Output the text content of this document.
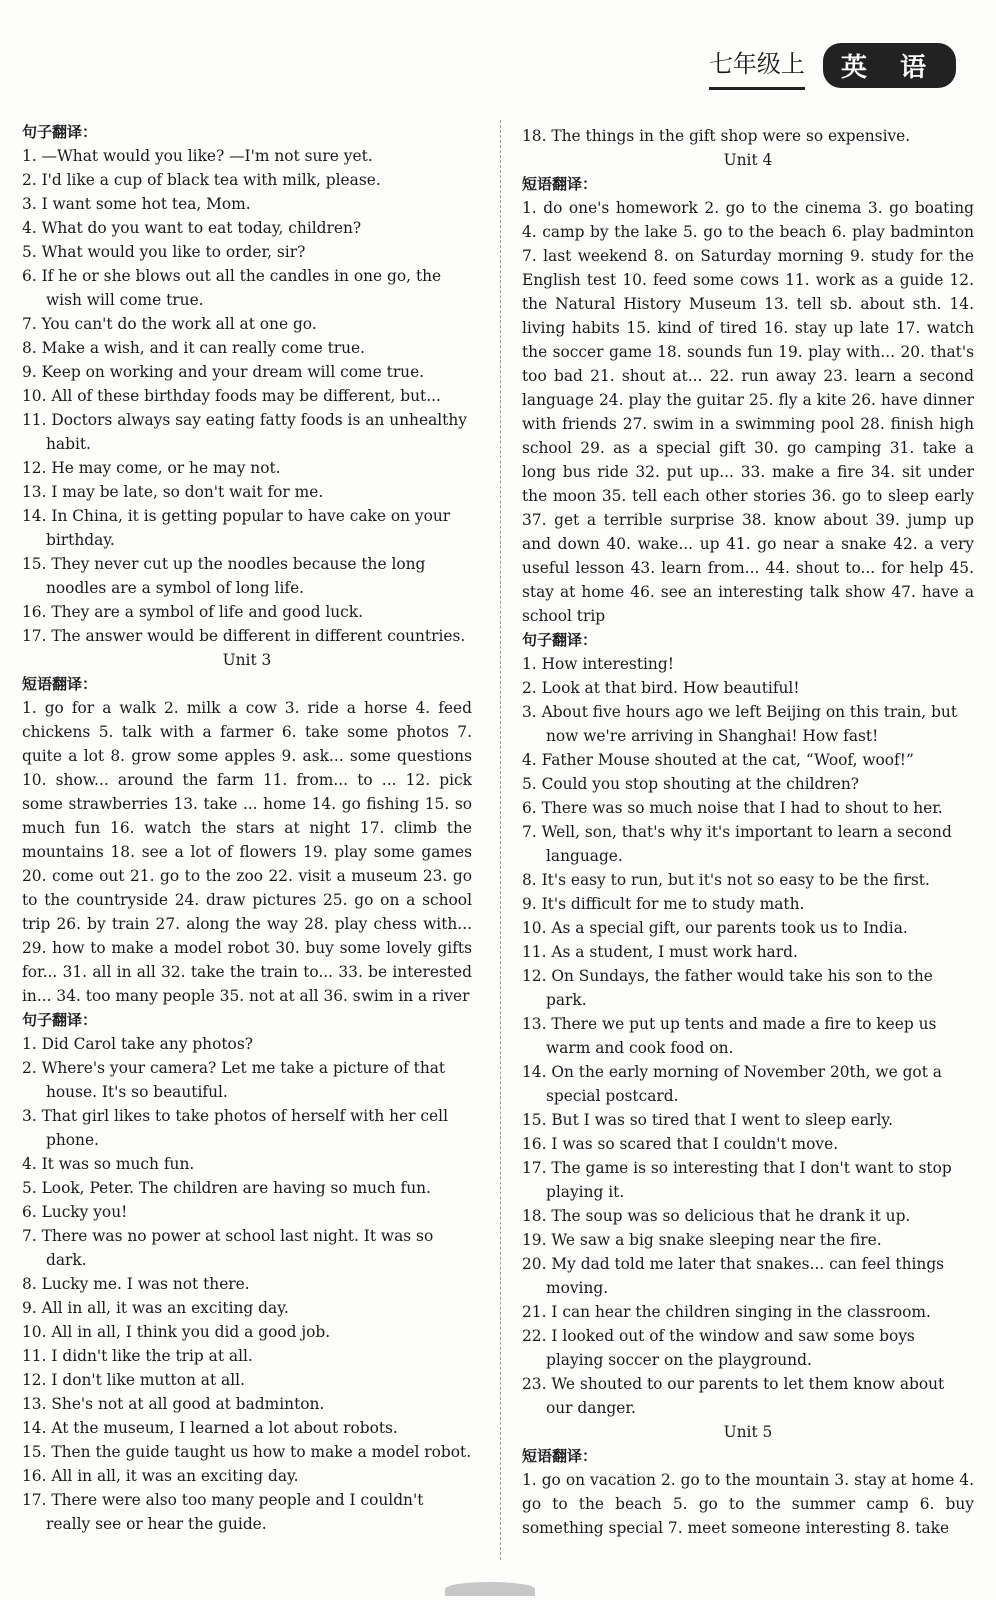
七年级上	英 语
句子翻译：
1. —What would you like? —I'm not sure yet.
2. I'd like a cup of black tea with milk, please.
3. I want some hot tea, Mom.
4. What do you want to eat today, children?
5. What would you like to order, sir?
6. If he or she blows out all the candles in one go, the wish will come true.
7. You can't do the work all at one go.
8. Make a wish, and it can really come true.
9. Keep on working and your dream will come true.
10. All of these birthday foods may be different, but...
11. Doctors always say eating fatty foods is an unhealthy habit.
12. He may come, or he may not.
13. I may be late, so don't wait for me.
14. In China, it is getting popular to have cake on your birthday.
15. They never cut up the noodles because the long noodles are a symbol of long life.
16. They are a symbol of life and good luck.
17. The answer would be different in different countries.
Unit 3
短语翻译：
1. go for a walk 2. milk a cow 3. ride a horse 4. feed chickens 5. talk with a farmer 6. take some photos 7. quite a lot 8. grow some apples 9. ask... some questions 10. show... around the farm 11. from... to ... 12. pick some strawberries 13. take ... home 14. go fishing 15. so much fun 16. watch the stars at night 17. climb the mountains 18. see a lot of flowers 19. play some games 20. come out 21. go to the zoo 22. visit a museum 23. go to the countryside 24. draw pictures 25. go on a school trip 26. by train 27. along the way 28. play chess with... 29. how to make a model robot 30. buy some lovely gifts for... 31. all in all 32. take the train to... 33. be interested in... 34. too many people 35. not at all 36. swim in a river
句子翻译：
1. Did Carol take any photos?
2. Where's your camera? Let me take a picture of that house. It's so beautiful.
3. That girl likes to take photos of herself with her cell phone.
4. It was so much fun.
5. Look, Peter. The children are having so much fun.
6. Lucky you!
7. There was no power at school last night. It was so dark.
8. Lucky me. I was not there.
9. All in all, it was an exciting day.
10. All in all, I think you did a good job.
11. I didn't like the trip at all.
12. I don't like mutton at all.
13. She's not at all good at badminton.
14. At the museum, I learned a lot about robots.
15. Then the guide taught us how to make a model robot.
16. All in all, it was an exciting day.
17. There were also too many people and I couldn't really see or hear the guide.
18. The things in the gift shop were so expensive.
Unit 4
短语翻译：
1. do one's homework 2. go to the cinema 3. go boating 4. camp by the lake 5. go to the beach 6. play badminton 7. last weekend 8. on Saturday morning 9. study for the English test 10. feed some cows 11. work as a guide 12. the Natural History Museum 13. tell sb. about sth. 14. living habits 15. kind of tired 16. stay up late 17. watch the soccer game 18. sounds fun 19. play with... 20. that's too bad 21. shout at... 22. run away 23. learn a second language 24. play the guitar 25. fly a kite 26. have dinner with friends 27. swim in a swimming pool 28. finish high school 29. as a special gift 30. go camping 31. take a long bus ride 32. put up... 33. make a fire 34. sit under the moon 35. tell each other stories 36. go to sleep early 37. get a terrible surprise 38. know about 39. jump up and down 40. wake... up 41. go near a snake 42. a very useful lesson 43. learn from... 44. shout to... for help 45. stay at home 46. see an interesting talk show 47. have a school trip
句子翻译：
1. How interesting!
2. Look at that bird. How beautiful!
3. About five hours ago we left Beijing on this train, but now we're arriving in Shanghai! How fast!
4. Father Mouse shouted at the cat, “Woof, woof!”
5. Could you stop shouting at the children?
6. There was so much noise that I had to shout to her.
7. Well, son, that's why it's important to learn a second language.
8. It's easy to run, but it's not so easy to be the first.
9. It's difficult for me to study math.
10. As a special gift, our parents took us to India.
11. As a student, I must work hard.
12. On Sundays, the father would take his son to the park.
13. There we put up tents and made a fire to keep us warm and cook food on.
14. On the early morning of November 20th, we got a special postcard.
15. But I was so tired that I went to sleep early.
16. I was so scared that I couldn't move.
17. The game is so interesting that I don't want to stop playing it.
18. The soup was so delicious that he drank it up.
19. We saw a big snake sleeping near the fire.
20. My dad told me later that snakes... can feel things moving.
21. I can hear the children singing in the classroom.
22. I looked out of the window and saw some boys playing soccer on the playground.
23. We shouted to our parents to let them know about our danger.
Unit 5
短语翻译：
1. go on vacation 2. go to the mountain 3. stay at home 4. go to the beach 5. go to the summer camp 6. buy something special 7. meet someone interesting 8. take
